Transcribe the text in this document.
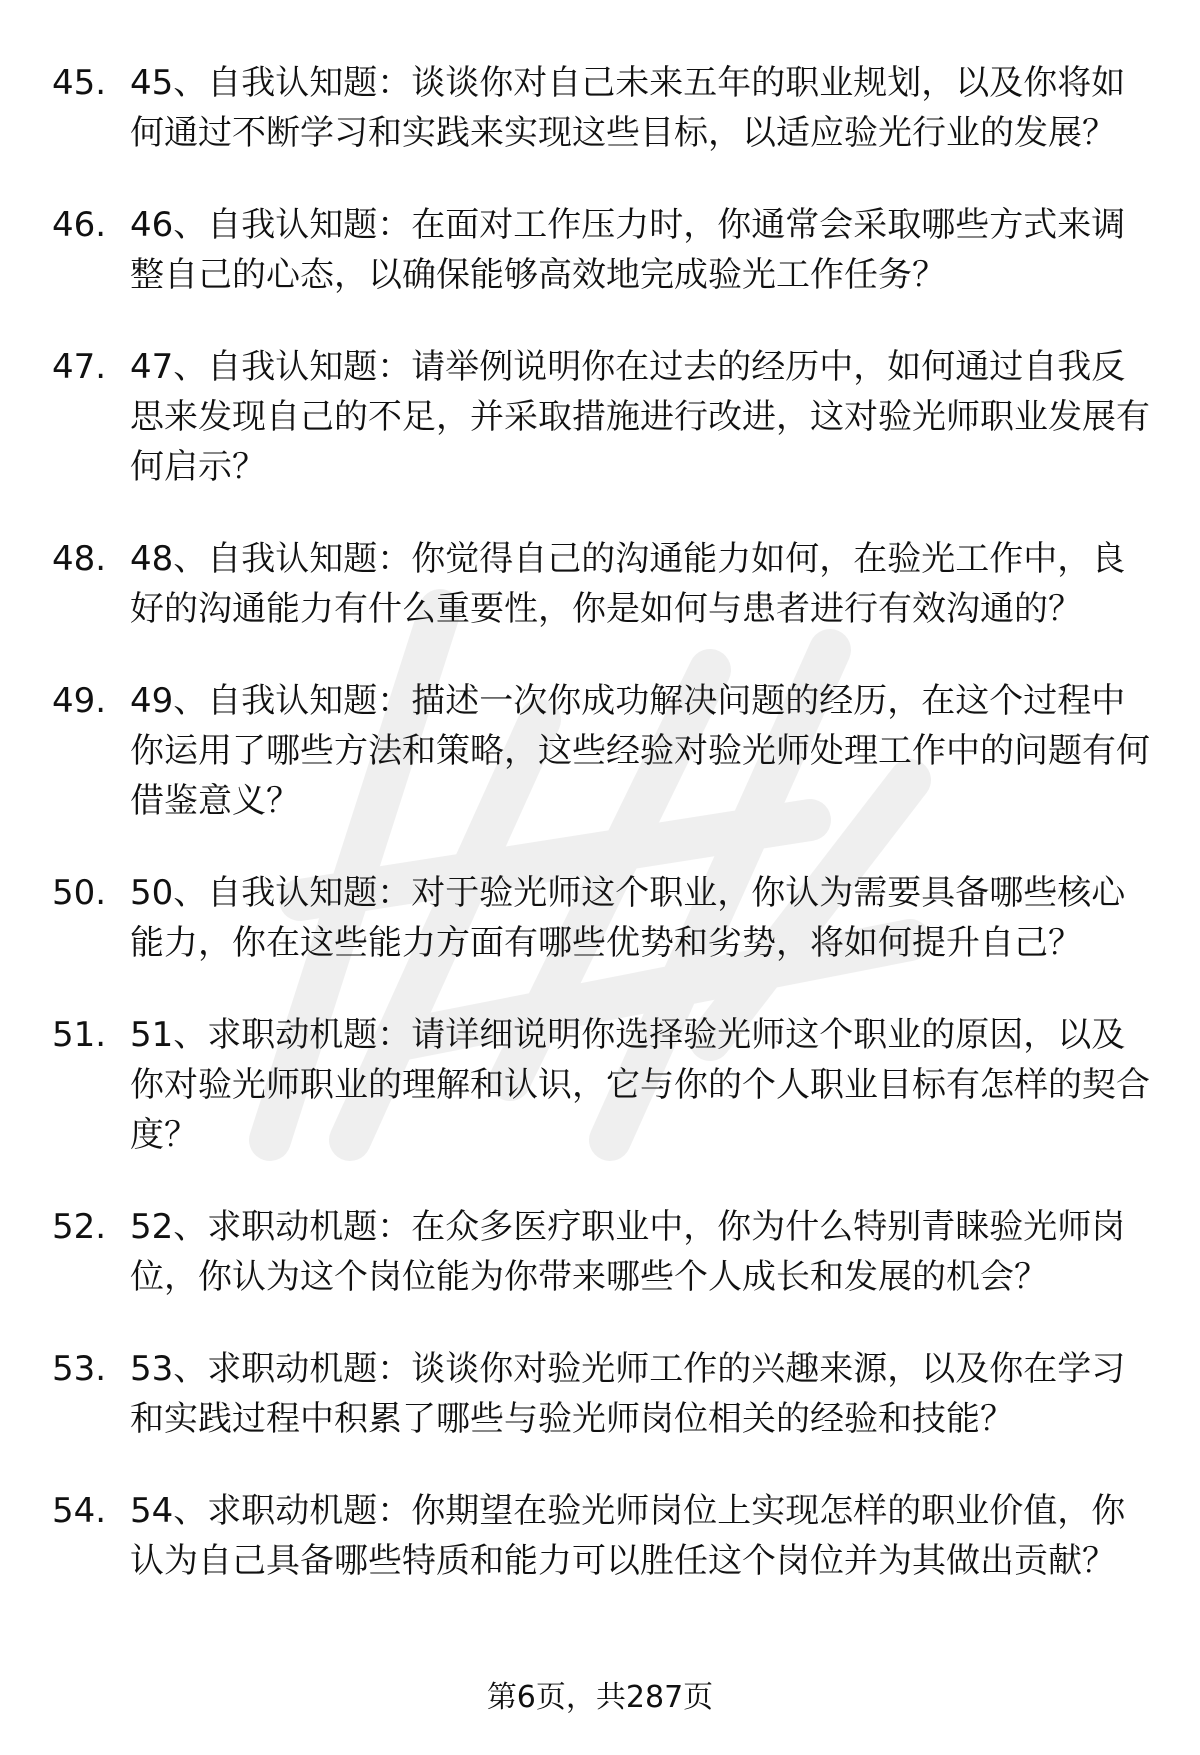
45. 45、自我认知题：谈谈你对自己未来五年的职业规划，以及你将如何通过不断学习和实践来实现这些目标，以适应验光行业的发展？
46. 46、自我认知题：在面对工作压力时，你通常会采取哪些方式来调整自己的心态，以确保能够高效地完成验光工作任务？
47. 47、自我认知题：请举例说明你在过去的经历中，如何通过自我反思来发现自己的不足，并采取措施进行改进，这对验光师职业发展有何启示？
48. 48、自我认知题：你觉得自己的沟通能力如何，在验光工作中，良好的沟通能力有什么重要性，你是如何与患者进行有效沟通的？
49. 49、自我认知题：描述一次你成功解决问题的经历，在这个过程中你运用了哪些方法和策略，这些经验对验光师处理工作中的问题有何借鉴意义？
50. 50、自我认知题：对于验光师这个职业，你认为需要具备哪些核心能力，你在这些能力方面有哪些优势和劣势，将如何提升自己？
51. 51、求职动机题：请详细说明你选择验光师这个职业的原因，以及你对验光师职业的理解和认识，它与你的个人职业目标有怎样的契合度？
52. 52、求职动机题：在众多医疗职业中，你为什么特别青睐验光师岗位，你认为这个岗位能为你带来哪些个人成长和发展的机会？
53. 53、求职动机题：谈谈你对验光师工作的兴趣来源，以及你在学习和实践过程中积累了哪些与验光师岗位相关的经验和技能？
54. 54、求职动机题：你期望在验光师岗位上实现怎样的职业价值，你认为自己具备哪些特质和能力可以胜任这个岗位并为其做出贡献？
第6页，共287页
